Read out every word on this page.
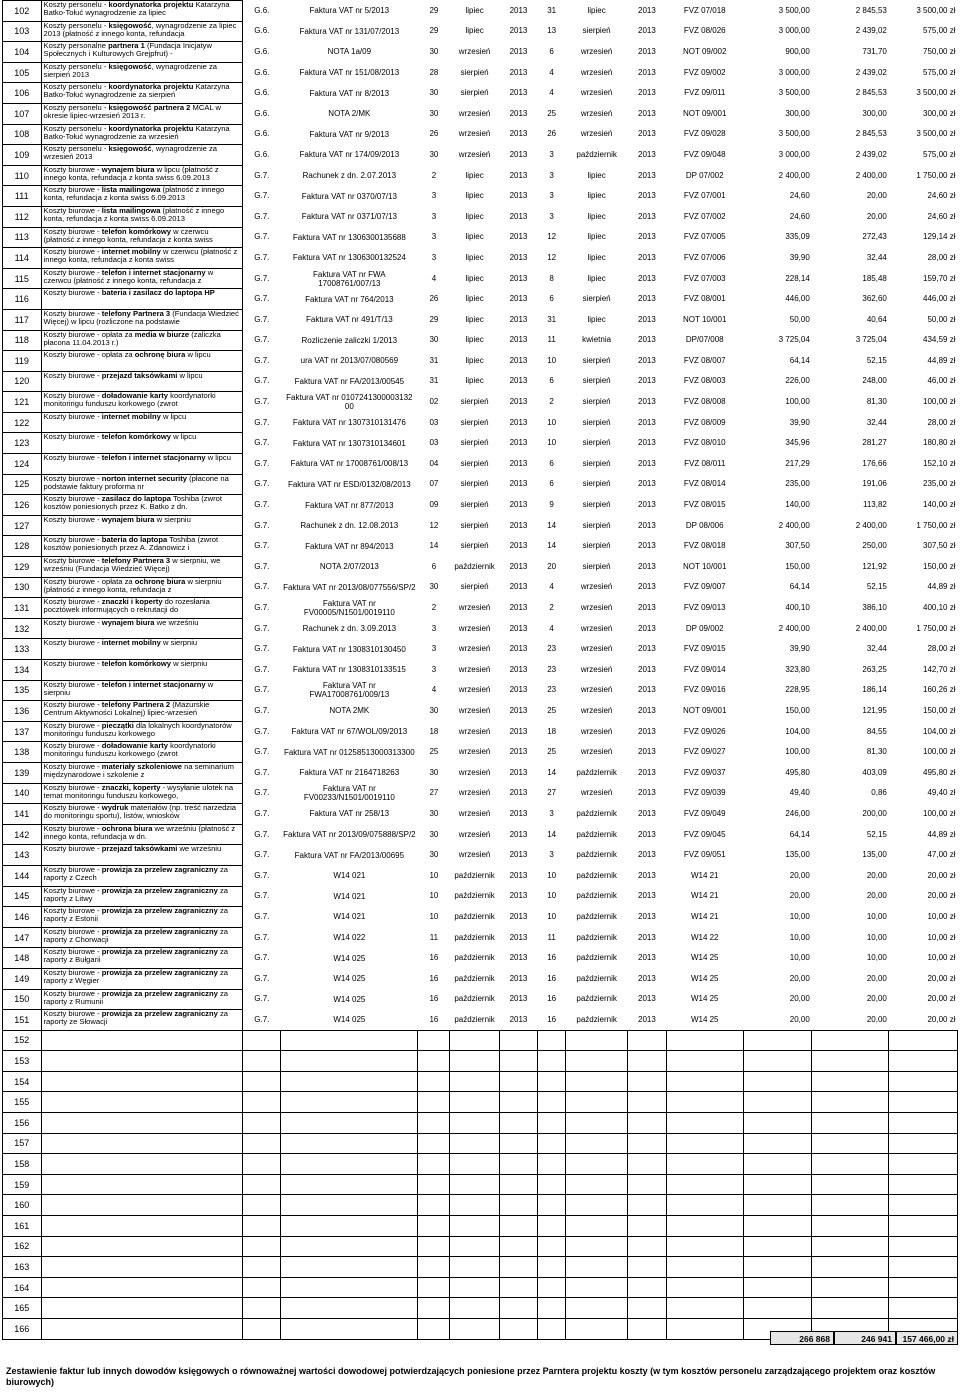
102	Koszty personelu - koordynatorka projektu Katarzyna Batko-Tołuć wynagrodzenie za lipiec	G.6.	Faktura VAT nr 5/2013	29	lipiec	2013	31	lipiec	2013	FVZ 07/018	3 500,00	2 845,53	3 500,00 zł
103	Koszty personelu - księgowość, wynagrodzenie za lipiec 2013 (płatność z innego konta, refundacja	G.6.	Faktura VAT nr 131/07/2013	29	lipiec	2013	13	sierpień	2013	FVZ 08/026	3 000,00	2 439,02	575,00 zł
104	Koszty personalne partnera 1 (Fundacja Inicjatyw Społecznych i Kulturowych Grejpfrut) -	G.6.	NOTA 1a/09	30	wrzesień	2013	6	wrzesień	2013	NOT 09/002	900,00	731,70	750,00 zł
105	Koszty personelu - księgowość, wynagrodzenie za sierpień 2013	G.6.	Faktura VAT nr 151/08/2013	28	sierpień	2013	4	wrzesień	2013	FVZ 09/002	3 000,00	2 439,02	575,00 zł
106	Koszty personelu - koordynatorka projektu Katarzyna Batko-Tołuć wynagrodzenie za sierpień	G.6.	Faktura VAT nr 8/2013	30	sierpień	2013	4	wrzesień	2013	FVZ 09/011	3 500,00	2 845,53	3 500,00 zł
107	Koszty personelu - księgowość partnera 2 MCAL w okresie lipiec-wrzesień 2013 r.	G.6.	NOTA 2/MK	30	wrzesień	2013	25	wrzesień	2013	NOT 09/001	300,00	300,00	300,00 zł
108	Koszty personelu - koordynatorka projektu Katarzyna Batko-Tołuć wynagrodzenie za wrzesień	G.6.	Faktura VAT nr 9/2013	26	wrzesień	2013	26	wrzesień	2013	FVZ 09/028	3 500,00	2 845,53	3 500,00 zł
109	Koszty personelu - księgowość, wynagrodzenie za wrzesień 2013	G.6.	Faktura VAT nr 174/09/2013	30	wrzesień	2013	3	październik	2013	FVZ 09/048	3 000,00	2 439,02	575,00 zł
110	Koszty biurowe - wynajem biura w lipcu (płatność z innego konta, refundacja z konta swiss 6.09.2013	G.7.	Rachunek z dn. 2.07.2013	2	lipiec	2013	3	lipiec	2013	DP 07/002	2 400,00	2 400,00	1 750,00 zł
111	Koszty biurowe - lista mailingowa (płatność z innego konta, refundacja z konta swiss 6.09.2013	G.7.	Faktura VAT nr 0370/07/13	3	lipiec	2013	3	lipiec	2013	FVZ 07/001	24,60	20,00	24,60 zł
112	Koszty biurowe - lista mailingowa (płatność z innego konta, refundacja z konta swiss 6.09.2013	G.7.	Faktura VAT nr 0371/07/13	3	lipiec	2013	3	lipiec	2013	FVZ 07/002	24,60	20,00	24,60 zł
113	Koszty biurowe - telefon komórkowy w czerwcu (płatność z innego konta, refundacja z konta swiss	G.7.	Faktura VAT nr 1306300135688	3	lipiec	2013	12	lipiec	2013	FVZ 07/005	335,09	272,43	129,14 zł
114	Koszty biurowe - internet mobilny w czerwcu (płatność z innego konta, refundacja z konta swiss	G.7.	Faktura VAT nr 1306300132524	3	lipiec	2013	12	lipiec	2013	FVZ 07/006	39,90	32,44	28,00 zł
115	Koszty biurowe - telefon i internet stacjonarny w czerwcu (płatność z innego konta, refundacja z	G.7.	Faktura VAT nr FWA 17008761/007/13	4	lipiec	2013	8	lipiec	2013	FVZ 07/003	228,14	185,48	159,70 zł
116	Koszty biurowe - bateria i zasilacz do laptopa HP	G.7.	Faktura VAT nr 764/2013	26	lipiec	2013	6	sierpień	2013	FVZ 08/001	446,00	362,60	446,00 zł
117	Koszty biurowe - telefony Partnera 3 (Fundacja Wiedzieć Więcej) w lipcu (rozliczone na podstawie	G.7.	Faktura VAT nr 491/T/13	29	lipiec	2013	31	lipiec	2013	NOT 10/001	50,00	40,64	50,00 zł
118	Koszty biurowe - opłata za media w biurze (zaliczka płacona 11.04.2013 r.)	G.7.	Rozliczenie zaliczki 1/2013	30	lipiec	2013	11	kwietnia	2013	DP/07/008	3 725,04	3 725,04	434,59 zł
119	Koszty biurowe - opłata za ochronę biura w lipcu	G.7.	ura VAT nr 2013/07/080569	31	lipiec	2013	10	sierpień	2013	FVZ 08/007	64,14	52,15	44,89 zł
120	Koszty biurowe - przejazd taksówkami w lipcu	G.7.	Faktura VAT nr FA/2013/00545	31	lipiec	2013	6	sierpień	2013	FVZ 08/003	226,00	248,00	46,00 zł
121	Koszty biurowe - doładowanie karty koordynatorki monitoringu funduszu korkowego (zwrot	G.7.	Faktura VAT nr 0107241300003132​00	02	sierpień	2013	2	sierpień	2013	FVZ 08/008	100,00	81,30	100,00 zł
122	Koszty biurowe - internet mobilny w lipcu	G.7.	Faktura VAT nr 1307310131476	03	sierpień	2013	10	sierpień	2013	FVZ 08/009	39,90	32,44	28,00 zł
123	Koszty biurowe - telefon komórkowy w lipcu	G.7.	Faktura VAT nr 1307310134601	03	sierpień	2013	10	sierpień	2013	FVZ 08/010	345,96	281,27	180,80 zł
124	Koszty biurowe - telefon i internet stacjonarny w lipcu	G.7.	Faktura VAT nr 17008761/008/13	04	sierpień	2013	6	sierpień	2013	FVZ 08/011	217,29	176,66	152,10 zł
125	Koszty biurowe - norton internet security (płacone na podstawie faktury proforma nr	G.7.	Faktura VAT nr ESD/0132/08/2013	07	sierpień	2013	6	sierpień	2013	FVZ 08/014	235,00	191,06	235,00 zł
126	Koszty biurowe - zasilacz do laptopa Toshiba (zwrot kosztów poniesionych przez K. Batko z dn.	G.7.	Faktura VAT nr 877/2013	09	sierpień	2013	9	sierpień	2013	FVZ 08/015	140,00	113,82	140,00 zł
127	Koszty biurowe - wynajem biura w sierpniu	G.7.	Rachunek z dn. 12.08.2013	12	sierpień	2013	14	sierpień	2013	DP 08/006	2 400,00	2 400,00	1 750,00 zł
128	Koszty biurowe - bateria do laptopa Toshiba (zwrot kosztów poniesionych przez A. Zdanowicz i	G.7.	Faktura VAT nr 894/2013	14	sierpień	2013	14	sierpień	2013	FVZ 08/018	307,50	250,00	307,50 zł
129	Koszty biurowe - telefony Partnera 3 w sierpniu, we wrześniu (Fundacja Wiedzieć Więcej)	G.7.	NOTA 2/07/2013	6	październik	2013	20	sierpień	2013	NOT 10/001	150,00	121,92	150,00 zł
130	Koszty biurowe - opłata za ochronę biura w sierpniu (płatność z innego konta, refundacja z	G.7.	Faktura VAT nr 2013/08/077556/SP/2	30	sierpień	2013	4	wrzesień	2013	FVZ 09/007	64,14	52,15	44,89 zł
131	Koszty biurowe - znaczki i koperty do rozesłania pocztówek informujących o rekrutacji do	G.7.	Faktura VAT nr FV00005/N1501/0019110	2	wrzesień	2013	2	wrzesień	2013	FVZ 09/013	400,10	386,10	400,10 zł
132	Koszty biurowe - wynajem biura we wrześniu	G.7.	Rachunek z dn. 3.09.2013	3	wrzesień	2013	4	wrzesień	2013	DP 09/002	2 400,00	2 400,00	1 750,00 zł
133	Koszty biurowe - internet mobilny w sierpniu	G.7.	Faktura VAT nr 1308310130450	3	wrzesień	2013	23	wrzesień	2013	FVZ 09/015	39,90	32,44	28,00 zł
134	Koszty biurowe - telefon komórkowy w sierpniu	G.7.	Faktura VAT nr 1308310133515	3	wrzesień	2013	23	wrzesień	2013	FVZ 09/014	323,80	263,25	142,70 zł
135	Koszty biurowe - telefon i internet stacjonarny w sierpniu	G.7.	Faktura VAT nr FWA17008761/009/13	4	wrzesień	2013	23	wrzesień	2013	FVZ 09/016	228,95	186,14	160,26 zł
136	Koszty biurowe - telefony Partnera 2 (Mazurskie Centrum Aktywności Lokalnej) lipiec-wrzesień	G.7.	NOTA 2MK	30	wrzesień	2013	25	wrzesień	2013	NOT 09/001	150,00	121,95	150,00 zł
137	Koszty biurowe - pieczątki dla lokalnych koordynatorów monitoringu funduszu korkowego	G.7.	Faktura VAT nr 67/WOL/09/2013	18	wrzesień	2013	18	wrzesień	2013	FVZ 09/026	104,00	84,55	104,00 zł
138	Koszty biurowe - doładowanie karty koordynatorki monitoringu funduszu korkowego (zwrot	G.7.	Faktura VAT nr 0125851300031330​0	25	wrzesień	2013	25	wrzesień	2013	FVZ 09/027	100,00	81,30	100,00 zł
139	Koszty biurowe - materiały szkoleniowe na seminarium międzynarodowe i szkolenie z	G.7.	Faktura VAT nr 2164718263	30	wrzesień	2013	14	październik	2013	FVZ 09/037	495,80	403,09	495,80 zł
140	Koszty biurowe - znaczki, koperty - wysyłanie ulotek na temat monitoringu funduszu korkowego,	G.7.	Faktura VAT nr FV00233/N1501/0019110	27	wrzesień	2013	27	wrzesień	2013	FVZ 09/039	49,40	0,86	49,40 zł
141	Koszty biurowe - wydruk materiałów (np. treść narzedzia do monitoringu sportu), listów, wniosków	G.7.	Faktura VAT nr 258/13	30	wrzesień	2013	3	październik	2013	FVZ 09/049	246,00	200,00	100,00 zł
142	Koszty biurowe - ochrona biura we wrześniu (płatność z innego konta, refundacja w dn.	G.7.	Faktura VAT nr 2013/09/075888/SP/2	30	wrzesień	2013	14	październik	2013	FVZ 09/045	64,14	52,15	44,89 zł
143	Koszty biurowe - przejazd taksówkami we wrześniu	G.7.	Faktura VAT nr FA/2013/00695	30	wrzesień	2013	3	październik	2013	FVZ 09/051	135,00	135,00	47,00 zł
144	Koszty biurowe - prowizja za przelew zagraniczny za raporty z Czech	G.7.	W14 021	10	październik	2013	10	październik	2013	W14 21	20,00	20,00	20,00 zł
145	Koszty biurowe - prowizja za przelew zagraniczny za raporty z Litwy	G.7.	W14 021	10	październik	2013	10	październik	2013	W14 21	20,00	20,00	20,00 zł
146	Koszty biurowe - prowizja za przelew zagraniczny za raporty z Estonii	G.7.	W14 021	10	październik	2013	10	październik	2013	W14 21	10,00	10,00	10,00 zł
147	Koszty biurowe - prowizja za przelew zagraniczny za raporty z Chorwacji	G.7.	W14 022	11	październik	2013	11	październik	2013	W14 22	10,00	10,00	10,00 zł
148	Koszty biurowe - prowizja za przelew zagraniczny za raporty z Bułgarii	G.7.	W14 025	16	październik	2013	16	październik	2013	W14 25	10,00	10,00	10,00 zł
149	Koszty biurowe - prowizja za przelew zagraniczny za raporty z Węgier	G.7.	W14 025	16	październik	2013	16	październik	2013	W14 25	20,00	20,00	20,00 zł
150	Koszty biurowe - prowizja za przelew zagraniczny za raporty z Rumunii	G.7.	W14 025	16	październik	2013	16	październik	2013	W14 25	20,00	20,00	20,00 zł
151	Koszty biurowe - prowizja za przelew zagraniczny za raporty ze Słowacji	G.7.	W14 025	16	październik	2013	16	październik	2013	W14 25	20,00	20,00	20,00 zł
152													
153													
154													
155													
156													
157													
158													
159													
160													
161													
162													
163													
164													
165													
166													
266 868	246 941	157 466,00 zł
Zestawienie faktur lub innych dowodów księgowych o równoważnej wartości dowodowej potwierdzających poniesione przez Parntera projektu koszty (w tym kosztów personelu zarządzającego projektem oraz kosztów biurowych)
